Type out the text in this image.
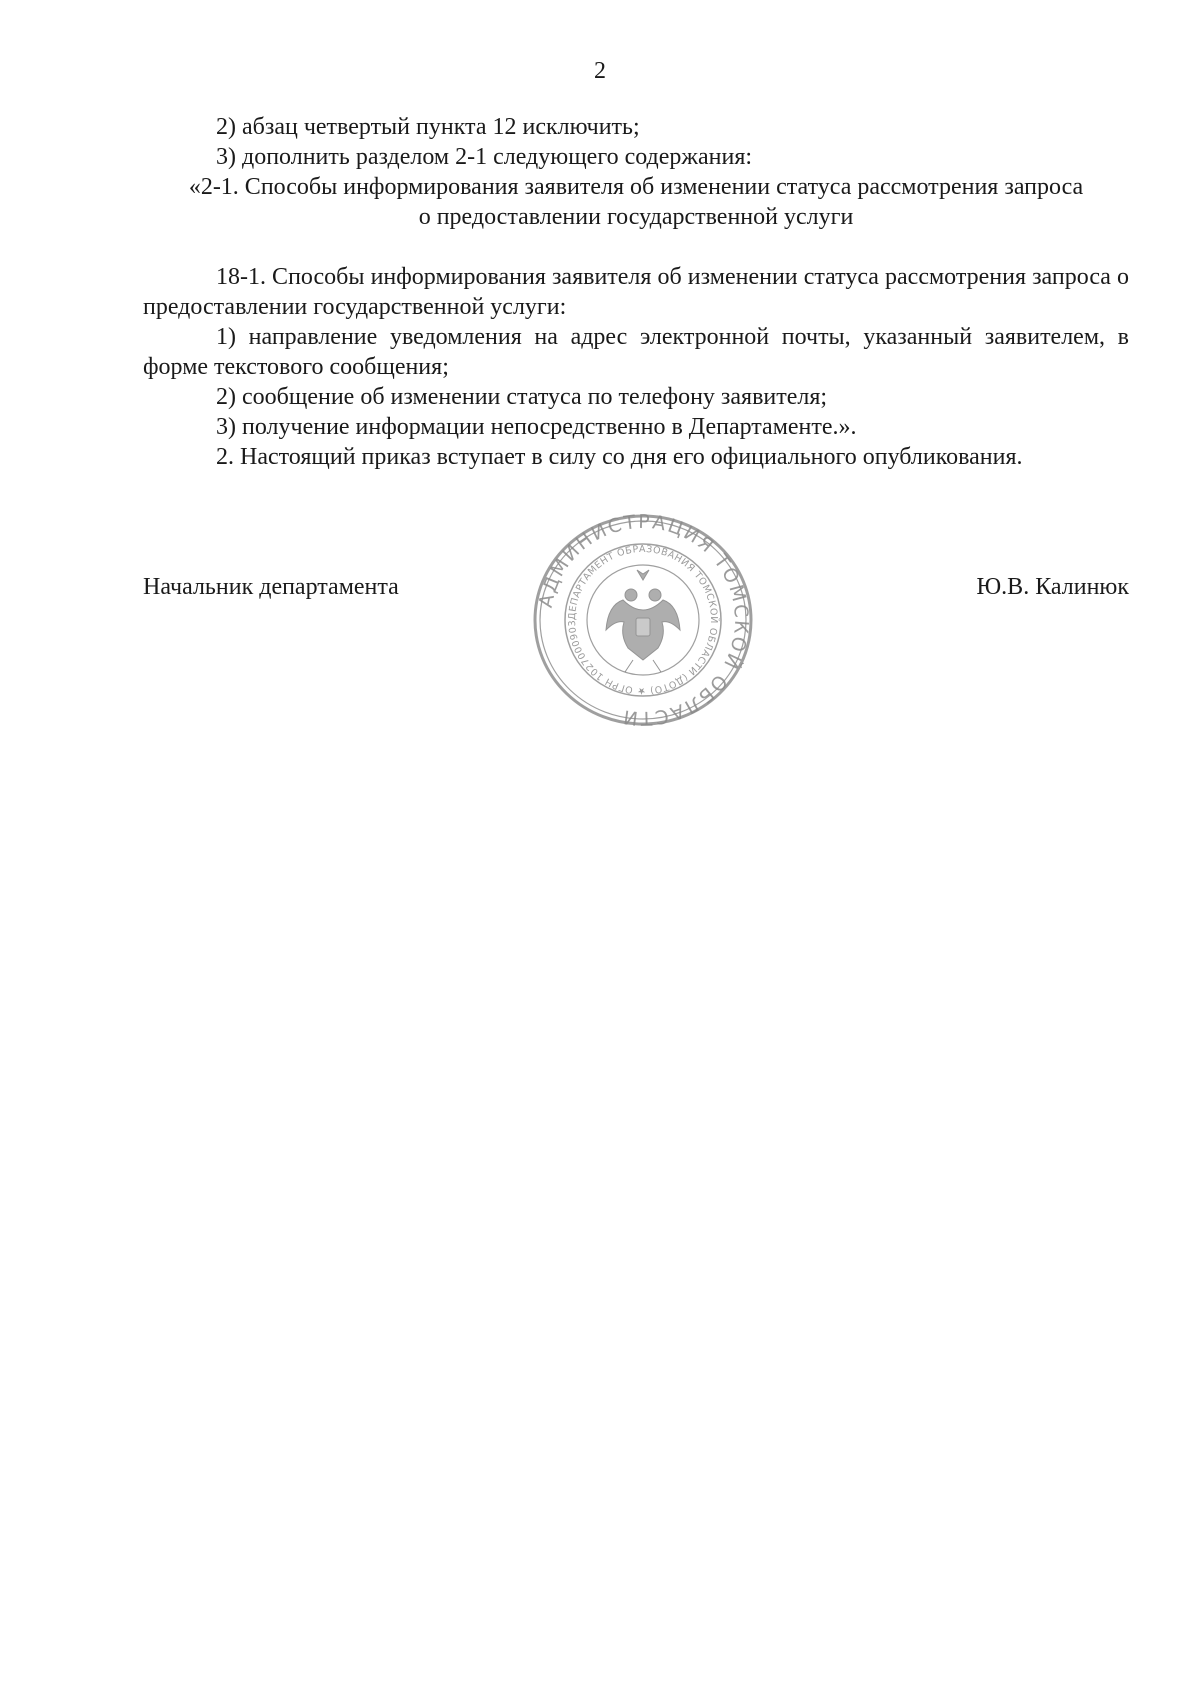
2

2) абзац четвертый пункта 12 исключить;

3) дополнить разделом 2-1 следующего содержания:

«2-1. Способы информирования заявителя об изменении статуса рассмотрения запроса

о предоставлении государственной услуги

18-1. Способы информирования заявителя об изменении статуса рассмотрения запроса о предоставлении государственной услуги:

1) направление уведомления на адрес электронной почты, указанный заявителем, в форме текстового сообщения;

2) сообщение об изменении статуса по телефону заявителя;

3) получение информации непосредственно в Департаменте.».

2. Настоящий приказ вступает в силу со дня его официального опубликования.

Начальник департамента	Ю.В. Калинюк
АДМИНИСТРАЦИЯ ТОМСКОЙ ОБЛАСТИ
ДЕПАРТАМЕНТ ОБРАЗОВАНИЯ ТОМСКОЙ ОБЛАСТИ (ДОТО) ★ ОГРН 1027000903
